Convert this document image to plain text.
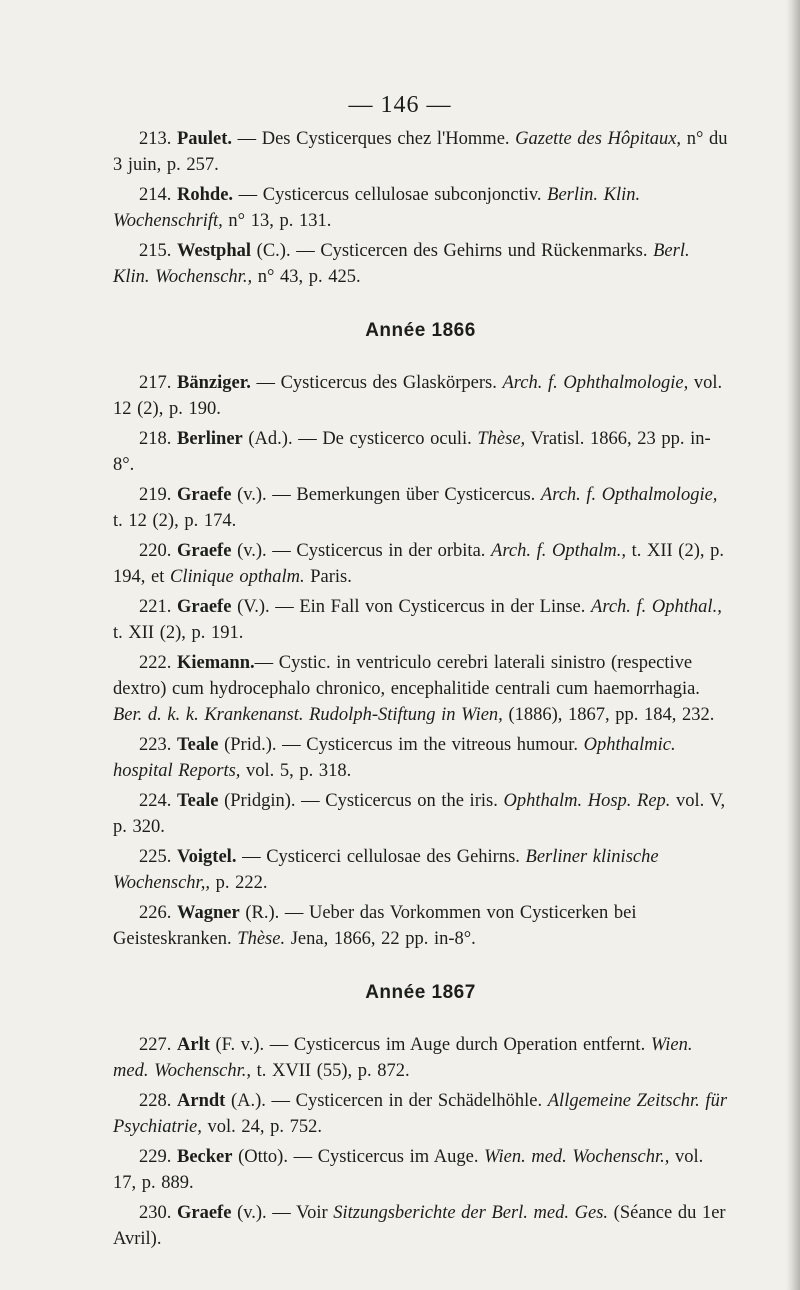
— 146 —

213. Paulet. — Des Cysticerques chez l'Homme. Gazette des Hôpitaux, n° du 3 juin, p. 257.

214. Rohde. — Cysticercus cellulosae subconjonctiv. Berlin. Klin. Wochenschrift, n° 13, p. 131.

215. Westphal (C.). — Cysticercen des Gehirns und Rückenmarks. Berl. Klin. Wochenschr., n° 43, p. 425.

Année 1866

217. Bänziger. — Cysticercus des Glaskörpers. Arch. f. Ophthalmologie, vol. 12 (2), p. 190.

218. Berliner (Ad.). — De cysticerco oculi. Thèse, Vratisl. 1866, 23 pp. in-8°.

219. Graefe (v.). — Bemerkungen über Cysticercus. Arch. f. Opthalmologie, t. 12 (2), p. 174.

220. Graefe (v.). — Cysticercus in der orbita. Arch. f. Opthalm., t. XII (2), p. 194, et Clinique opthalm. Paris.

221. Graefe (V.). — Ein Fall von Cysticercus in der Linse. Arch. f. Ophthal., t. XII (2), p. 191.

222. Kiemann.— Cystic. in ventriculo cerebri laterali sinistro (respective dextro) cum hydrocephalo chronico, encephalitide centrali cum haemorrhagia. Ber. d. k. k. Krankenanst. Rudolph-Stiftung in Wien, (1886), 1867, pp. 184, 232.

223. Teale (Prid.). — Cysticercus im the vitreous humour. Ophthalmic. hospital Reports, vol. 5, p. 318.

224. Teale (Pridgin). — Cysticercus on the iris. Ophthalm. Hosp. Rep. vol. V, p. 320.

225. Voigtel. — Cysticerci cellulosae des Gehirns. Berliner klinische Wochenschr,, p. 222.

226. Wagner (R.). — Ueber das Vorkommen von Cysticerken bei Geisteskranken. Thèse. Jena, 1866, 22 pp. in-8°.

Année 1867

227. Arlt (F. v.). — Cysticercus im Auge durch Operation entfernt. Wien. med. Wochenschr., t. XVII (55), p. 872.

228. Arndt (A.). — Cysticercen in der Schädelhöhle. Allgemeine Zeitschr. für Psychiatrie, vol. 24, p. 752.

229. Becker (Otto). — Cysticercus im Auge. Wien. med. Wochenschr., vol. 17, p. 889.

230. Graefe (v.). — Voir Sitzungsberichte der Berl. med. Ges. (Séance du 1er Avril).
